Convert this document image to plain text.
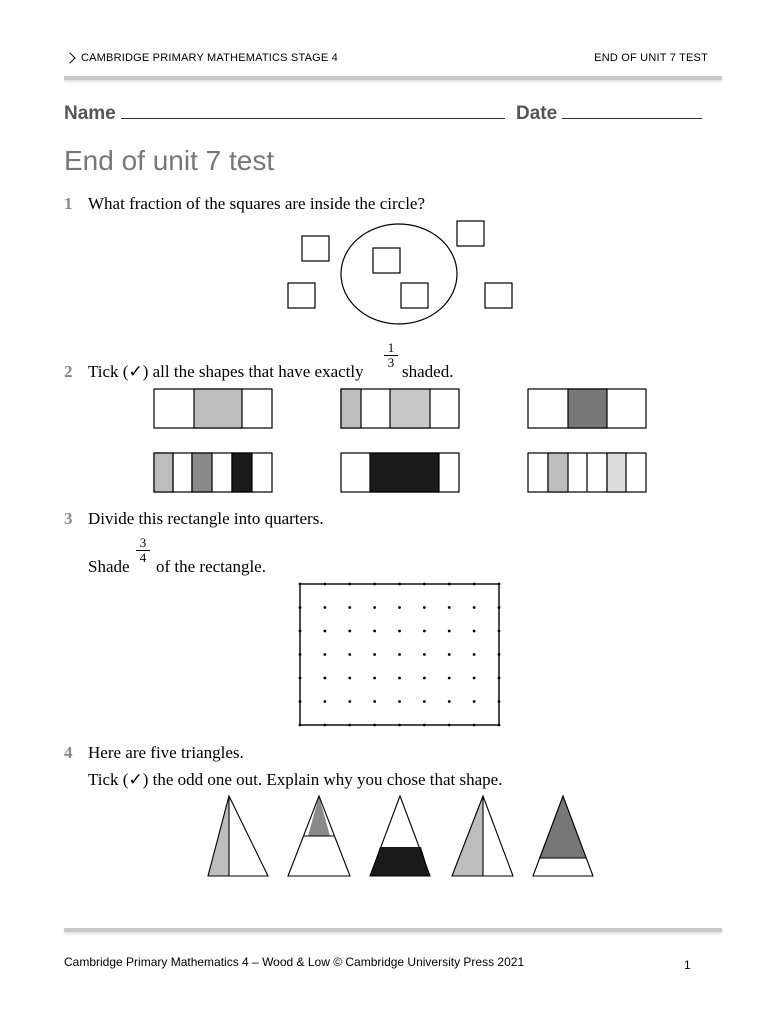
CAMBRIDGE PRIMARY MATHEMATICS STAGE 4	END OF UNIT 7 TEST
Name	Date
End of unit 7 test
1 What fraction of the squares are inside the circle?
2 Tick (✓) all the shapes that have exactly
$\frac{1}{3}$
shaded.
3 Divide this rectangle into quarters.
Shade
$\frac{3}{4}$
of the rectangle.
4 Here are five triangles.
Tick (✓) the odd one out. Explain why you chose that shape.
Cambridge Primary Mathematics 4 – Wood & Low © Cambridge University Press 2021	1
